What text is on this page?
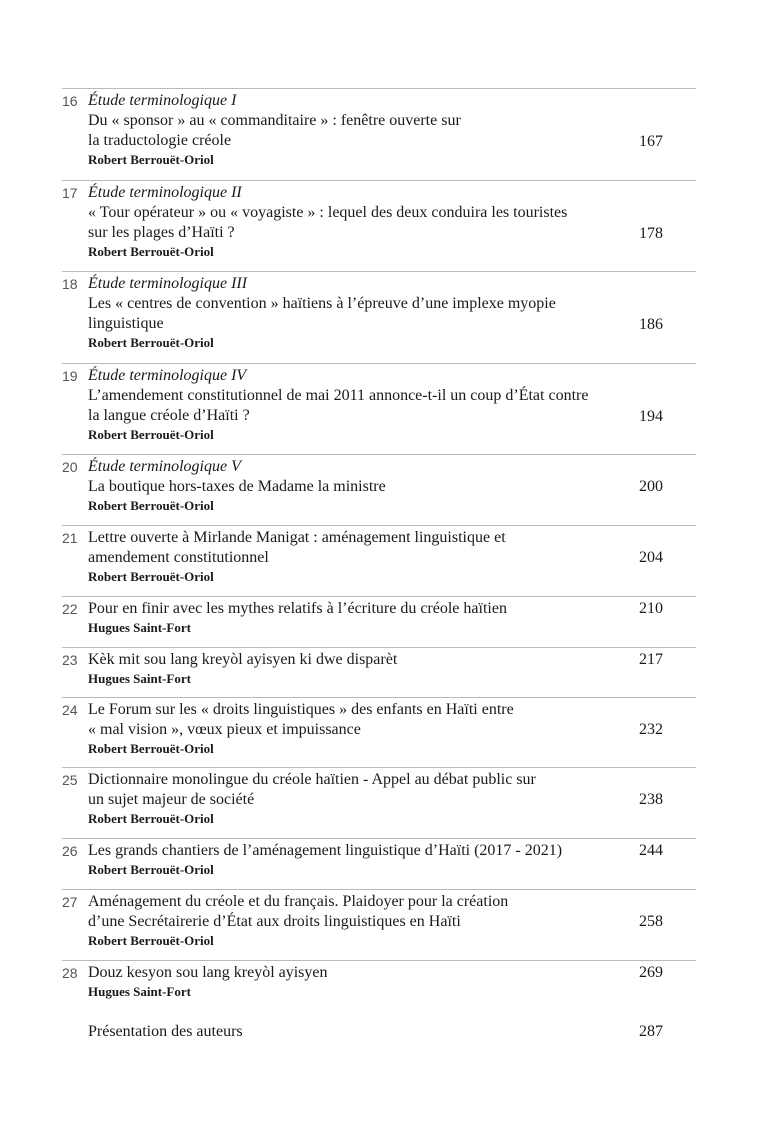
16 Étude terminologique I
Du « sponsor » au « commanditaire » : fenêtre ouverte sur
la traductologie créole
Robert Berrouët-Oriol
167
17 Étude terminologique II
« Tour opérateur » ou « voyagiste » : lequel des deux conduira les touristes
sur les plages d’Haïti ?
Robert Berrouët-Oriol
178
18 Étude terminologique III
Les « centres de convention » haïtiens à l’épreuve d’une implexe myopie
linguistique
Robert Berrouët-Oriol
186
19 Étude terminologique IV
L’amendement constitutionnel de mai 2011 annonce-t-il un coup d’État contre
la langue créole d’Haïti ?
Robert Berrouët-Oriol
194
20 Étude terminologique V
La boutique hors-taxes de Madame la ministre
Robert Berrouët-Oriol
200
21 Lettre ouverte à Mirlande Manigat : aménagement linguistique et
amendement constitutionnel
Robert Berrouët-Oriol
204
22 Pour en finir avec les mythes relatifs à l’écriture du créole haïtien
Hugues Saint-Fort
210
23 Kèk mit sou lang kreyòl ayisyen ki dwe disparèt
Hugues Saint-Fort
217
24 Le Forum sur les « droits linguistiques » des enfants en Haïti entre
« mal vision », vœux pieux et impuissance
Robert Berrouët-Oriol
232
25 Dictionnaire monolingue du créole haïtien - Appel au débat public sur
un sujet majeur de société
Robert Berrouët-Oriol
238
26 Les grands chantiers de l’aménagement linguistique d’Haïti (2017 - 2021)
Robert Berrouët-Oriol
244
27 Aménagement du créole et du français. Plaidoyer pour la création
d’une Secrétairerie d’État aux droits linguistiques en Haïti
Robert Berrouët-Oriol
258
28 Douz kesyon sou lang kreyòl ayisyen
Hugues Saint-Fort
269
Présentation des auteurs	287
